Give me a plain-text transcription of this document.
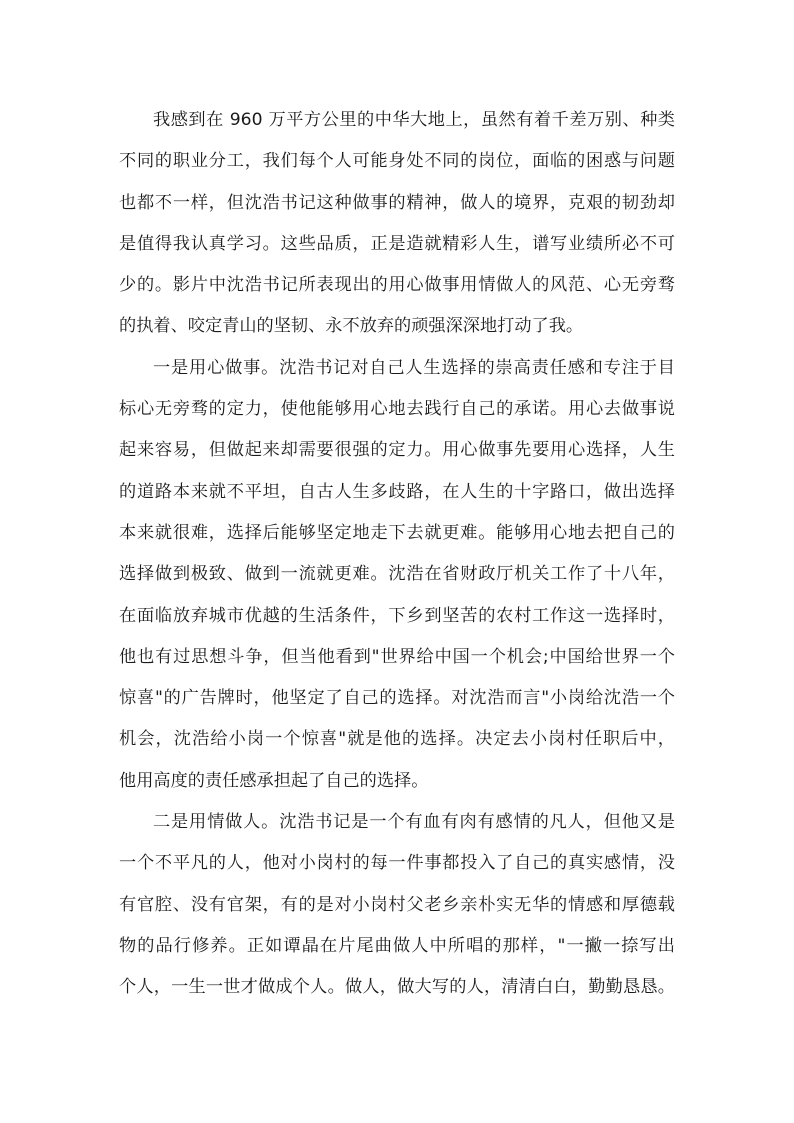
我感到在 960 万平方公里的中华大地上，虽然有着千差万别、种类
不同的职业分工，我们每个人可能身处不同的岗位，面临的困惑与问题
也都不一样，但沈浩书记这种做事的精神，做人的境界，克艰的韧劲却
是值得我认真学习。这些品质，正是造就精彩人生，谱写业绩所必不可
少的。影片中沈浩书记所表现出的用心做事用情做人的风范、心无旁骛
的执着、咬定青山的坚韧、永不放弃的顽强深深地打动了我。

一是用心做事。沈浩书记对自己人生选择的崇高责任感和专注于目
标心无旁骛的定力，使他能够用心地去践行自己的承诺。用心去做事说
起来容易，但做起来却需要很强的定力。用心做事先要用心选择，人生
的道路本来就不平坦，自古人生多歧路，在人生的十字路口，做出选择
本来就很难，选择后能够坚定地走下去就更难。能够用心地去把自己的
选择做到极致、做到一流就更难。沈浩在省财政厅机关工作了十八年，
在面临放弃城市优越的生活条件，下乡到坚苦的农村工作这一选择时，
他也有过思想斗争，但当他看到"世界给中国一个机会;中国给世界一个
惊喜"的广告牌时，他坚定了自己的选择。对沈浩而言"小岗给沈浩一个
机会，沈浩给小岗一个惊喜"就是他的选择。决定去小岗村任职后中，
他用高度的责任感承担起了自己的选择。

二是用情做人。沈浩书记是一个有血有肉有感情的凡人，但他又是
一个不平凡的人，他对小岗村的每一件事都投入了自己的真实感情，没
有官腔、没有官架，有的是对小岗村父老乡亲朴实无华的情感和厚德载
物的品行修养。正如谭晶在片尾曲做人中所唱的那样，"一撇一捺写出
个人，一生一世才做成个人。做人，做大写的人，清清白白，勤勤恳恳。
